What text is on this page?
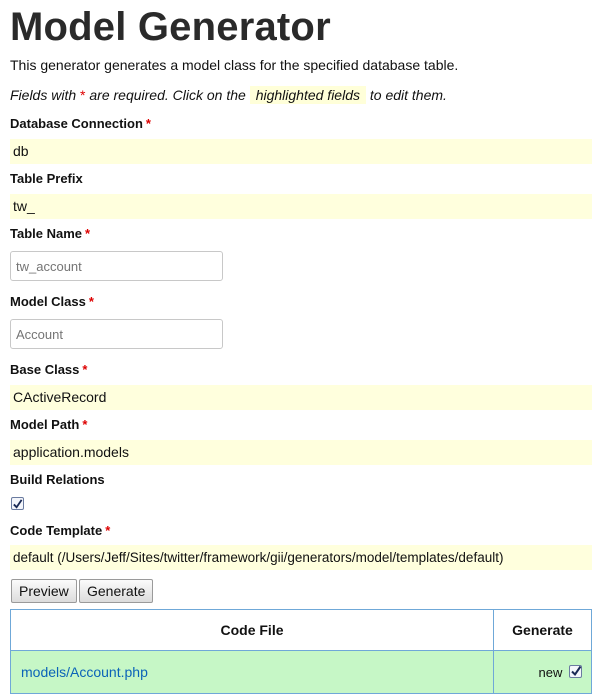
Model Generator
This generator generates a model class for the specified database table.
Fields with * are required. Click on the highlighted fields to edit them.
Database Connection *
db
Table Prefix
tw_
Table Name *
tw_account
Model Class *
Account
Base Class *
CActiveRecord
Model Path *
application.models
Build Relations
Code Template *
default (/Users/Jeff/Sites/twitter/framework/gii/generators/model/templates/default)
Preview	Generate
Code File	Generate
models/Account.php	new
